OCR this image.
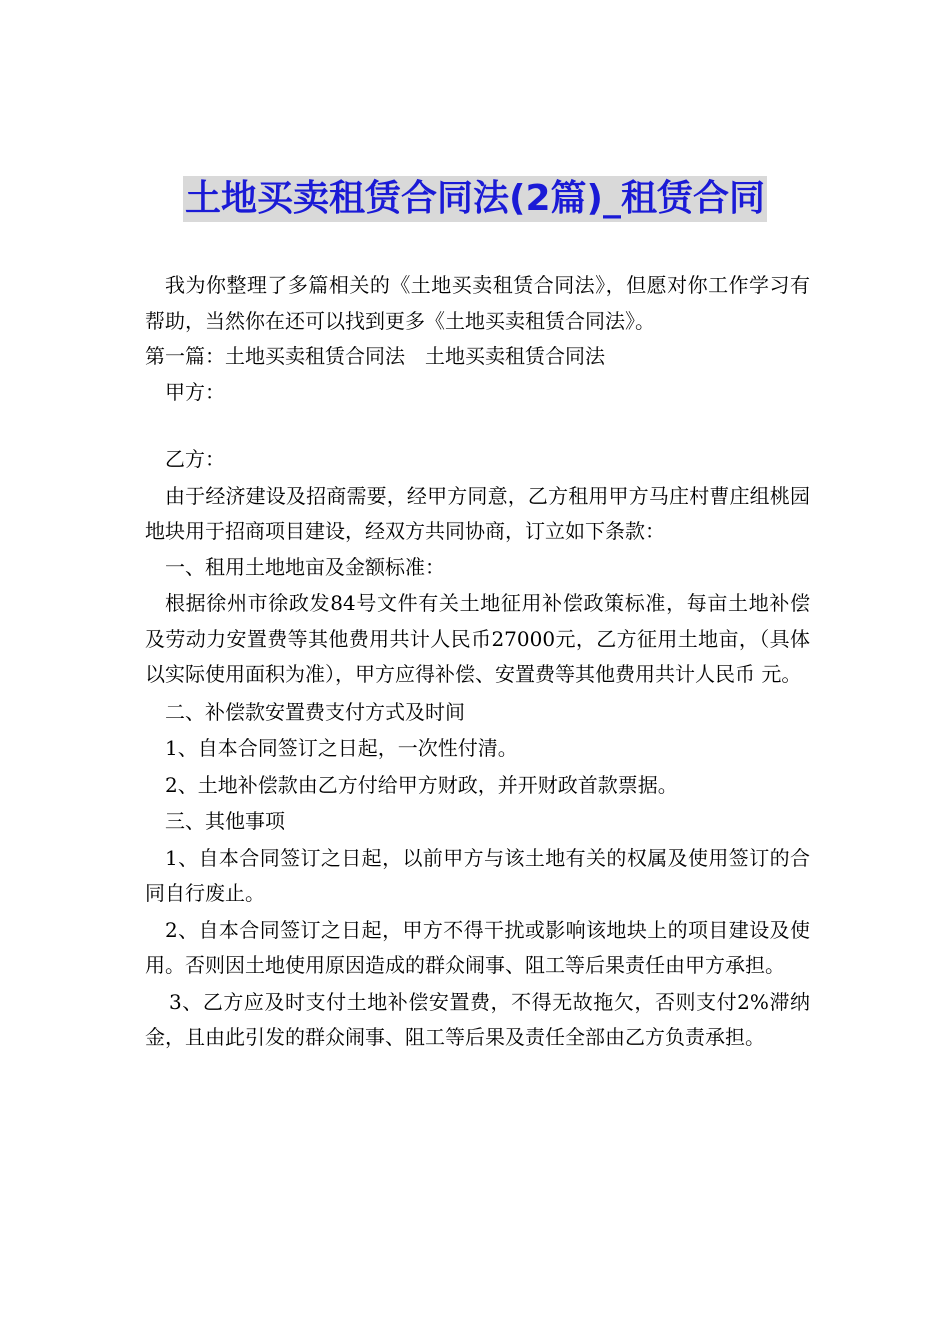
土地买卖租赁合同法(2篇)_租赁合同

我为你整理了多篇相关的《土地买卖租赁合同法》，但愿对你工作学习有帮助，当然你在还可以找到更多《土地买卖租赁合同法》。

第一篇：土地买卖租赁合同法　土地买卖租赁合同法

甲方：

乙方：

由于经济建设及招商需要，经甲方同意，乙方租用甲方马庄村曹庄组桃园地块用于招商项目建设，经双方共同协商，订立如下条款：

一、租用土地地亩及金额标准：

根据徐州市徐政发84号文件有关土地征用补偿政策标准，每亩土地补偿及劳动力安置费等其他费用共计人民币27000元，乙方征用土地亩，（具体以实际使用面积为准），甲方应得补偿、安置费等其他费用共计人民币 元。

二、补偿款安置费支付方式及时间

1、自本合同签订之日起，一次性付清。

2、土地补偿款由乙方付给甲方财政，并开财政首款票据。

三、其他事项

1、自本合同签订之日起，以前甲方与该土地有关的权属及使用签订的合同自行废止。

2、自本合同签订之日起，甲方不得干扰或影响该地块上的项目建设及使用。否则因土地使用原因造成的群众闹事、阻工等后果责任由甲方承担。

3、乙方应及时支付土地补偿安置费，不得无故拖欠，否则支付2%滞纳金，且由此引发的群众闹事、阻工等后果及责任全部由乙方负责承担。
